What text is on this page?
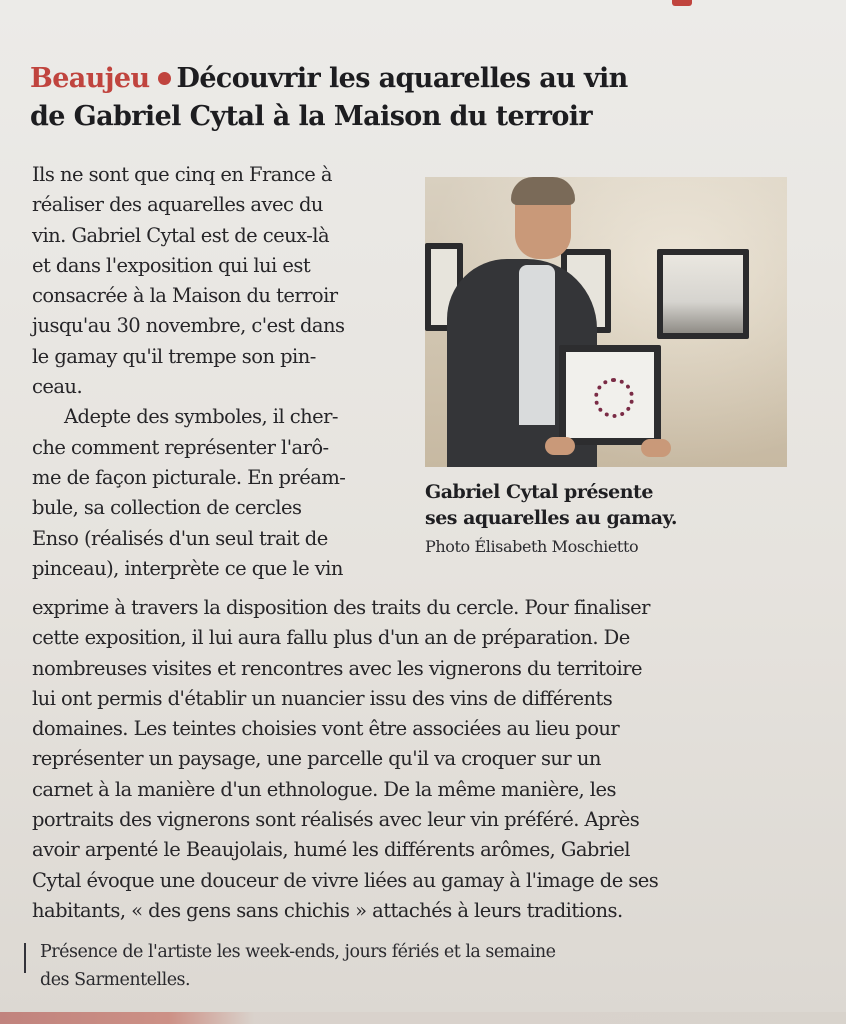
Beaujeu Découvrir les aquarelles au vin
de Gabriel Cytal à la Maison du terroir
Ils ne sont que cinq en France à
réaliser des aquarelles avec du
vin. Gabriel Cytal est de ceux-là
et dans l'exposition qui lui est
consacrée à la Maison du terroir
jusqu'au 30 novembre, c'est dans
le gamay qu'il trempe son pin-
ceau.
Adepte des symboles, il cher-
che comment représenter l'arô-
me de façon picturale. En préam-
bule, sa collection de cercles
Enso (réalisés d'un seul trait de
pinceau), interprète ce que le vin
Gabriel Cytal présente
ses aquarelles au gamay.
Photo Élisabeth Moschietto
exprime à travers la disposition des traits du cercle. Pour finaliser
cette exposition, il lui aura fallu plus d'un an de préparation. De
nombreuses visites et rencontres avec les vignerons du territoire
lui ont permis d'établir un nuancier issu des vins de différents
domaines. Les teintes choisies vont être associées au lieu pour
représenter un paysage, une parcelle qu'il va croquer sur un
carnet à la manière d'un ethnologue. De la même manière, les
portraits des vignerons sont réalisés avec leur vin préféré. Après
avoir arpenté le Beaujolais, humé les différents arômes, Gabriel
Cytal évoque une douceur de vivre liées au gamay à l'image de ses
habitants, « des gens sans chichis » attachés à leurs traditions.
Présence de l'artiste les week-ends, jours fériés et la semaine
des Sarmentelles.
